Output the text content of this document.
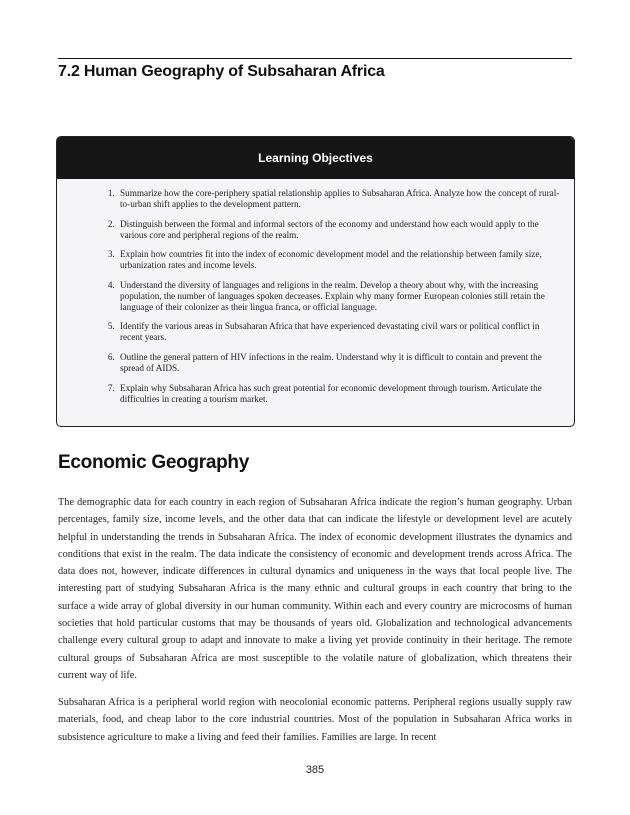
7.2 Human Geography of Subsaharan Africa
Learning Objectives
1. Summarize how the core-periphery spatial relationship applies to Subsaharan Africa. Analyze how the concept of rural-to-urban shift applies to the development pattern.
2. Distinguish between the formal and informal sectors of the economy and understand how each would apply to the various core and peripheral regions of the realm.
3. Explain how countries fit into the index of economic development model and the relationship between family size, urbanization rates and income levels.
4. Understand the diversity of languages and religions in the realm. Develop a theory about why, with the increasing population, the number of languages spoken decreases. Explain why many former European colonies still retain the language of their colonizer as their lingua franca, or official language.
5. Identify the various areas in Subsaharan Africa that have experienced devastating civil wars or political conflict in recent years.
6. Outline the general pattern of HIV infections in the realm. Understand why it is difficult to contain and prevent the spread of AIDS.
7. Explain why Subsaharan Africa has such great potential for economic development through tourism. Articulate the difficulties in creating a tourism market.
Economic Geography

The demographic data for each country in each region of Subsaharan Africa indicate the region’s human geography. Urban percentages, family size, income levels, and the other data that can indicate the lifestyle or development level are acutely helpful in understanding the trends in Subsaharan Africa. The index of economic development illustrates the dynamics and conditions that exist in the realm. The data indicate the consistency of economic and development trends across Africa. The data does not, however, indicate differences in cultural dynamics and uniqueness in the ways that local people live. The interesting part of studying Subsaharan Africa is the many ethnic and cultural groups in each country that bring to the surface a wide array of global diversity in our human community. Within each and every country are microcosms of human societies that hold particular customs that may be thousands of years old. Globalization and technological advancements challenge every cultural group to adapt and innovate to make a living yet provide continuity in their heritage. The remote cultural groups of Subsaharan Africa are most susceptible to the volatile nature of globalization, which threatens their current way of life.

Subsaharan Africa is a peripheral world region with neocolonial economic patterns. Peripheral regions usually supply raw materials, food, and cheap labor to the core industrial countries. Most of the population in Subsaharan Africa works in subsistence agriculture to make a living and feed their families. Families are large. In recent

385
